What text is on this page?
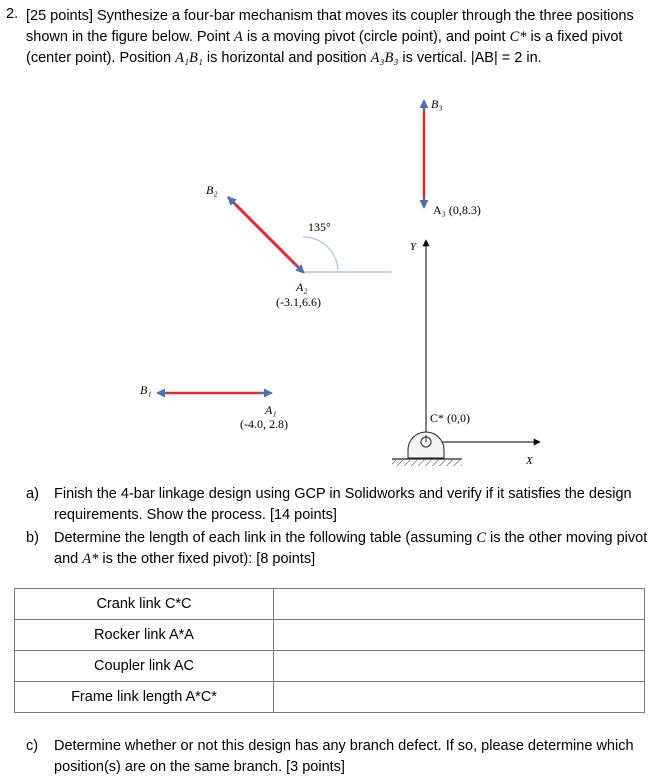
2. [25 points] Synthesize a four-bar mechanism that moves its coupler through the three positions shown in the figure below. Point A is a moving pivot (circle point), and point C* is a fixed pivot (center point). Position A₁B₁ is horizontal and position A₃B₃ is vertical. |AB| = 2 in.
B₃
A₃ (0,8.3)
B₂
135°
Y
A₂
(-3.1,6.6)
B₁
A₁
(-4.0, 2.8)	C* (0,0)
X
a) Finish the 4-bar linkage design using GCP in Solidworks and verify if it satisfies the design requirements. Show the process. [14 points]
b) Determine the length of each link in the following table (assuming C is the other moving pivot and A* is the other fixed pivot): [8 points]
Crank link C*C	
Rocker link A*A	
Coupler link AC	
Frame link length A*C*	
c) Determine whether or not this design has any branch defect. If so, please determine which position(s) are on the same branch. [3 points]
